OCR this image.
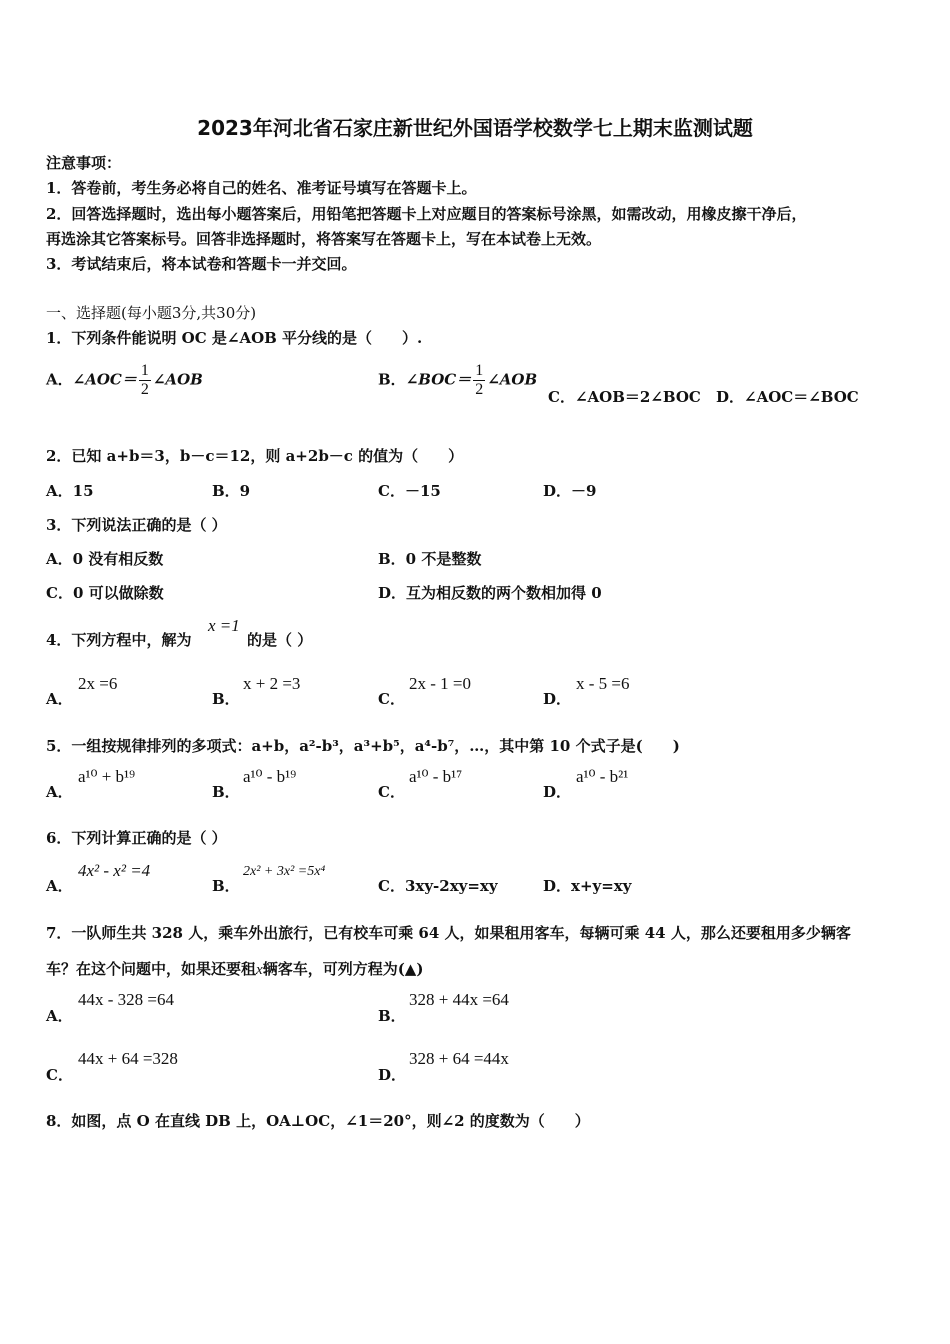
2023年河北省石家庄新世纪外国语学校数学七上期末监测试题
注意事项：
1．答卷前，考生务必将自己的姓名、准考证号填写在答题卡上。
2．回答选择题时，选出每小题答案后，用铅笔把答题卡上对应题目的答案标号涂黑，如需改动，用橡皮擦干净后，
再选涂其它答案标号。回答非选择题时，将答案写在答题卡上，写在本试卷上无效。
3．考试结束后，将本试卷和答题卡一并交回。
一、选择题(每小题3分,共30分)
1．下列条件能说明 OC 是∠AOB 平分线的是（　　）.
A．∠AOC＝ $\frac{1}{2}$ ∠AOB	B．∠BOC＝ $\frac{1}{2}$ ∠AOB
C．∠AOB＝2∠BOC D．∠AOC＝∠BOC
2．已知 a+b＝3，b－c＝12，则 a+2b－c 的值为（　　）
A．15	B．9	C．－15	D．－9
3．下列说法正确的是（ ）
A．0 没有相反数	B．0 不是整数
C．0 可以做除数	D．互为相反数的两个数相加得 0
4．下列方程中，解为
x =1
的是（ ）
A．
2x =6
B．
x + 2 =3
C．
2x - 1 =0
D．
x - 5 =6
5．一组按规律排列的多项式：a+b，a²-b³，a³+b⁵，a⁴-b⁷，…，其中第 10 个式子是(　　)
A．
a¹⁰ + b¹⁹
B．
a¹⁰ - b¹⁹
C．
a¹⁰ - b¹⁷
D．
a¹⁰ - b²¹
6．下列计算正确的是（ ）
A．
4x² - x² =4
B．
2x² + 3x² =5x⁴
C．3xy-2xy=xy	D．x+y=xy
7．一队师生共 328 人，乘车外出旅行，已有校车可乘 64 人，如果租用客车，每辆可乘 44 人，那么还要租用多少辆客
车？在这个问题中，如果还要租x辆客车，可列方程为(▲)
A．
44x - 328 =64
B．
328 + 44x =64
C．
44x + 64 =328
D．
328 + 64 =44x
8．如图，点 O 在直线 DB 上，OA⊥OC，∠1＝20°，则∠2 的度数为（　　）
